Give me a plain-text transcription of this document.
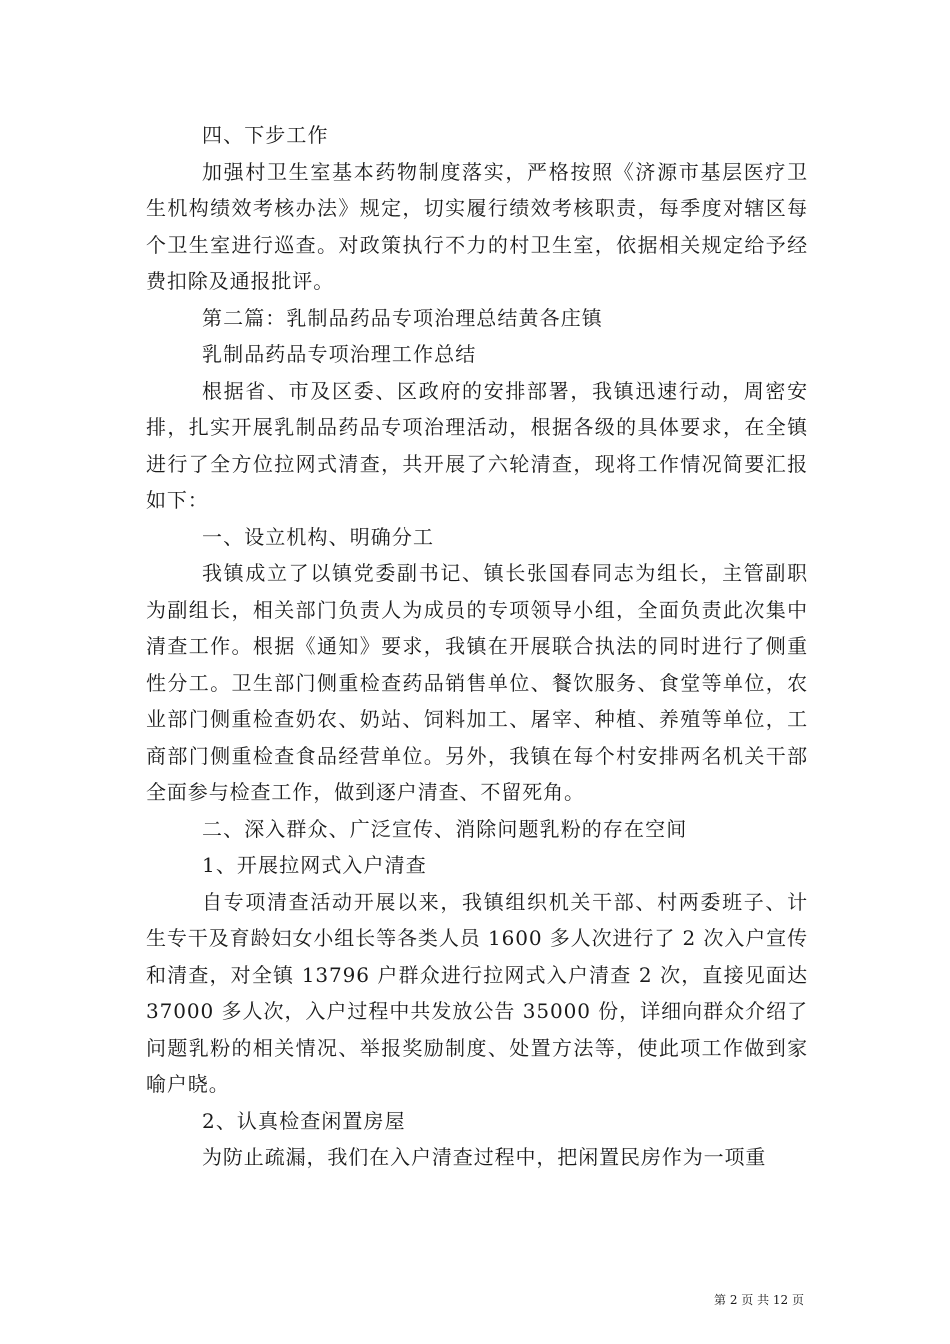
四、下步工作

加强村卫生室基本药物制度落实，严格按照《济源市基层医疗卫生机构绩效考核办法》规定，切实履行绩效考核职责，每季度对辖区每个卫生室进行巡查。对政策执行不力的村卫生室，依据相关规定给予经费扣除及通报批评。

第二篇：乳制品药品专项治理总结黄各庄镇

乳制品药品专项治理工作总结

根据省、市及区委、区政府的安排部署，我镇迅速行动，周密安排，扎实开展乳制品药品专项治理活动，根据各级的具体要求，在全镇进行了全方位拉网式清查，共开展了六轮清查，现将工作情况简要汇报如下：

一、设立机构、明确分工

我镇成立了以镇党委副书记、镇长张国春同志为组长，主管副职为副组长，相关部门负责人为成员的专项领导小组，全面负责此次集中清查工作。根据《通知》要求，我镇在开展联合执法的同时进行了侧重性分工。卫生部门侧重检查药品销售单位、餐饮服务、食堂等单位，农业部门侧重检查奶农、奶站、饲料加工、屠宰、种植、养殖等单位，工商部门侧重检查食品经营单位。另外，我镇在每个村安排两名机关干部全面参与检查工作，做到逐户清查、不留死角。

二、深入群众、广泛宣传、消除问题乳粉的存在空间

1、开展拉网式入户清查

自专项清查活动开展以来，我镇组织机关干部、村两委班子、计生专干及育龄妇女小组长等各类人员 1600 多人次进行了 2 次入户宣传和清查，对全镇 13796 户群众进行拉网式入户清查 2 次，直接见面达 37000 多人次，入户过程中共发放公告 35000 份，详细向群众介绍了问题乳粉的相关情况、举报奖励制度、处置方法等，使此项工作做到家喻户晓。

2、认真检查闲置房屋

为防止疏漏，我们在入户清查过程中，把闲置民房作为一项重

第 2 页 共 12 页
